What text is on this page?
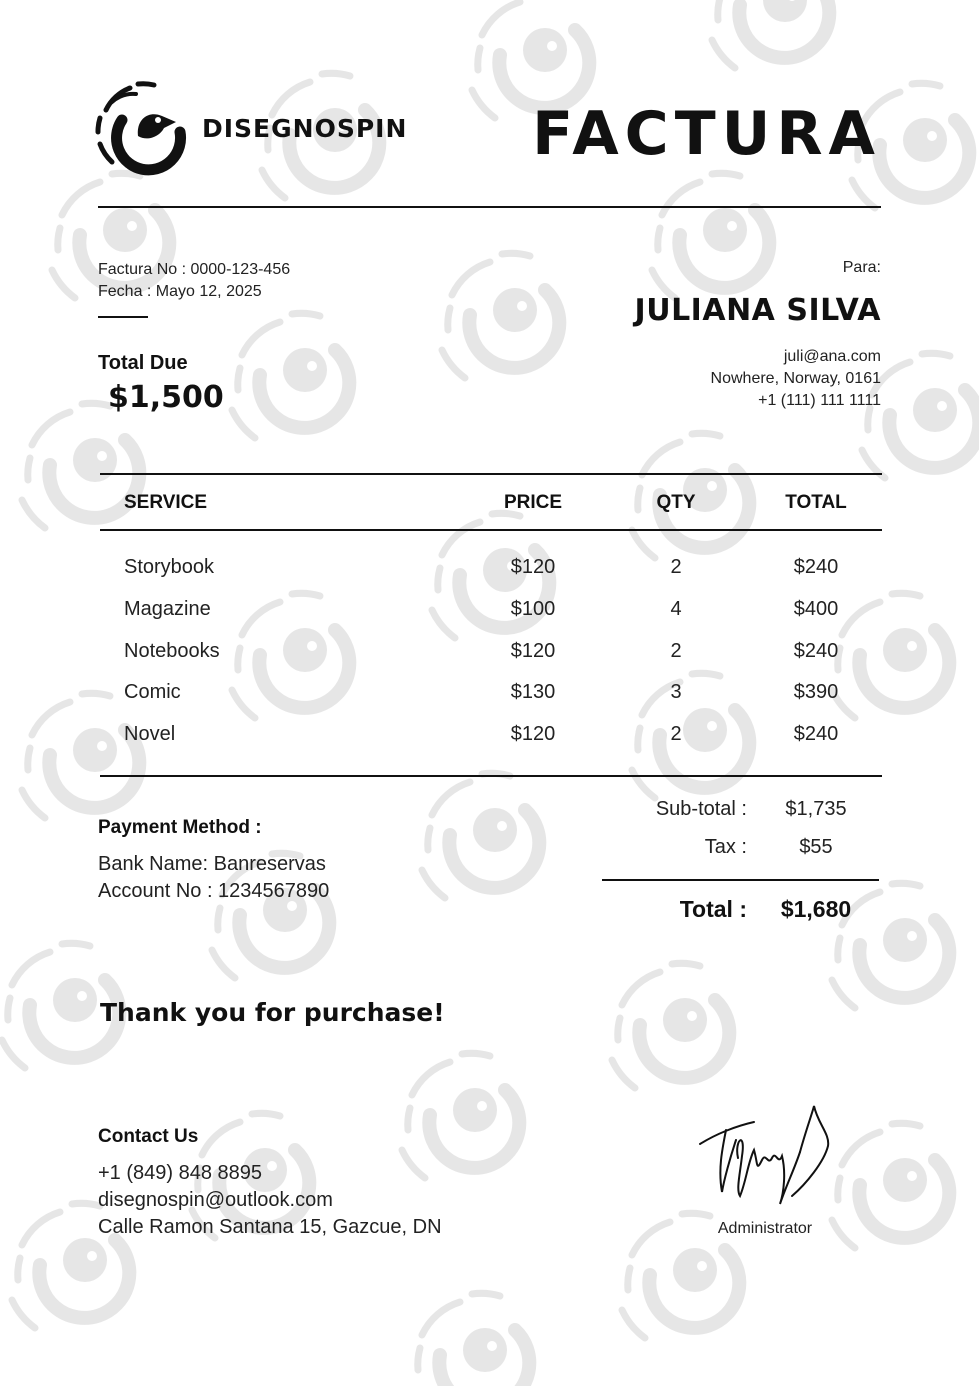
DISEGNOSPIN FACTURA
Factura No : 0000-123-456
Fecha : Mayo 12, 2025
Total Due
$1,500
Para:
JULIANA SILVA
juli@ana.com
Nowhere, Norway, 0161
+1 (111) 111 1111
SERVICE	PRICE	QTY	TOTAL
Storybook	$120	2	$240
Magazine	$100	4	$400
Notebooks	$120	2	$240
Comic	$130	3	$390
Novel	$120	2	$240
Payment Method :
Bank Name: Banreservas
Account No : 1234567890
Sub-total : $1,735
Tax :	$55
Total : $1,680
Thank you for purchase!
Contact Us
+1 (849) 848 8895
disegnospin@outlook.com
Calle Ramon Santana 15, Gazcue, DN	Administrator
